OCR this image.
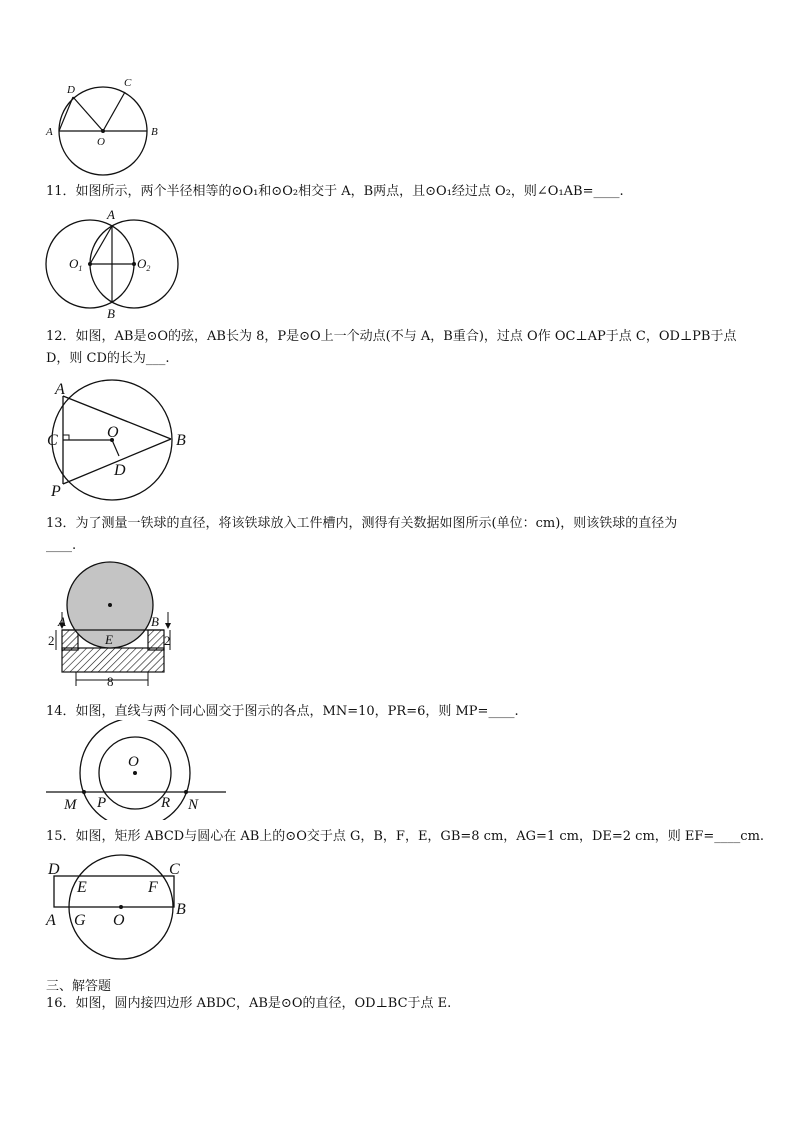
A	B
C
D
O
11．如图所示，两个半径相等的⊙O₁和⊙O₂相交于 A，B两点，且⊙O₁经过点 O₂，则∠O₁AB=____.
A
B
$O_1$	$O_2$
12．如图，AB是⊙O的弦，AB长为 8，P是⊙O上一个动点(不与 A，B重合)，过点 O作 OC⊥AP于点 C，OD⊥PB于点
D，则 CD的长为___.
A
B
C
D
O
P
13．为了测量一铁球的直径，将该铁球放入工件槽内，测得有关数据如图所示(单位：cm)，则该铁球的直径为
____.
A	B
E
2	2
8
14．如图，直线与两个同心圆交于图示的各点，MN=10，PR=6，则 MP=____.
O
M P	R N
15．如图，矩形 ABCD与圆心在 AB上的⊙O交于点 G，B，F，E，GB=8 cm，AG=1 cm，DE=2 cm，则 EF=____cm.
D	C
E	F
A G O
B
三、解答题
16．如图，圆内接四边形 ABDC，AB是⊙O的直径，OD⊥BC于点 E.
